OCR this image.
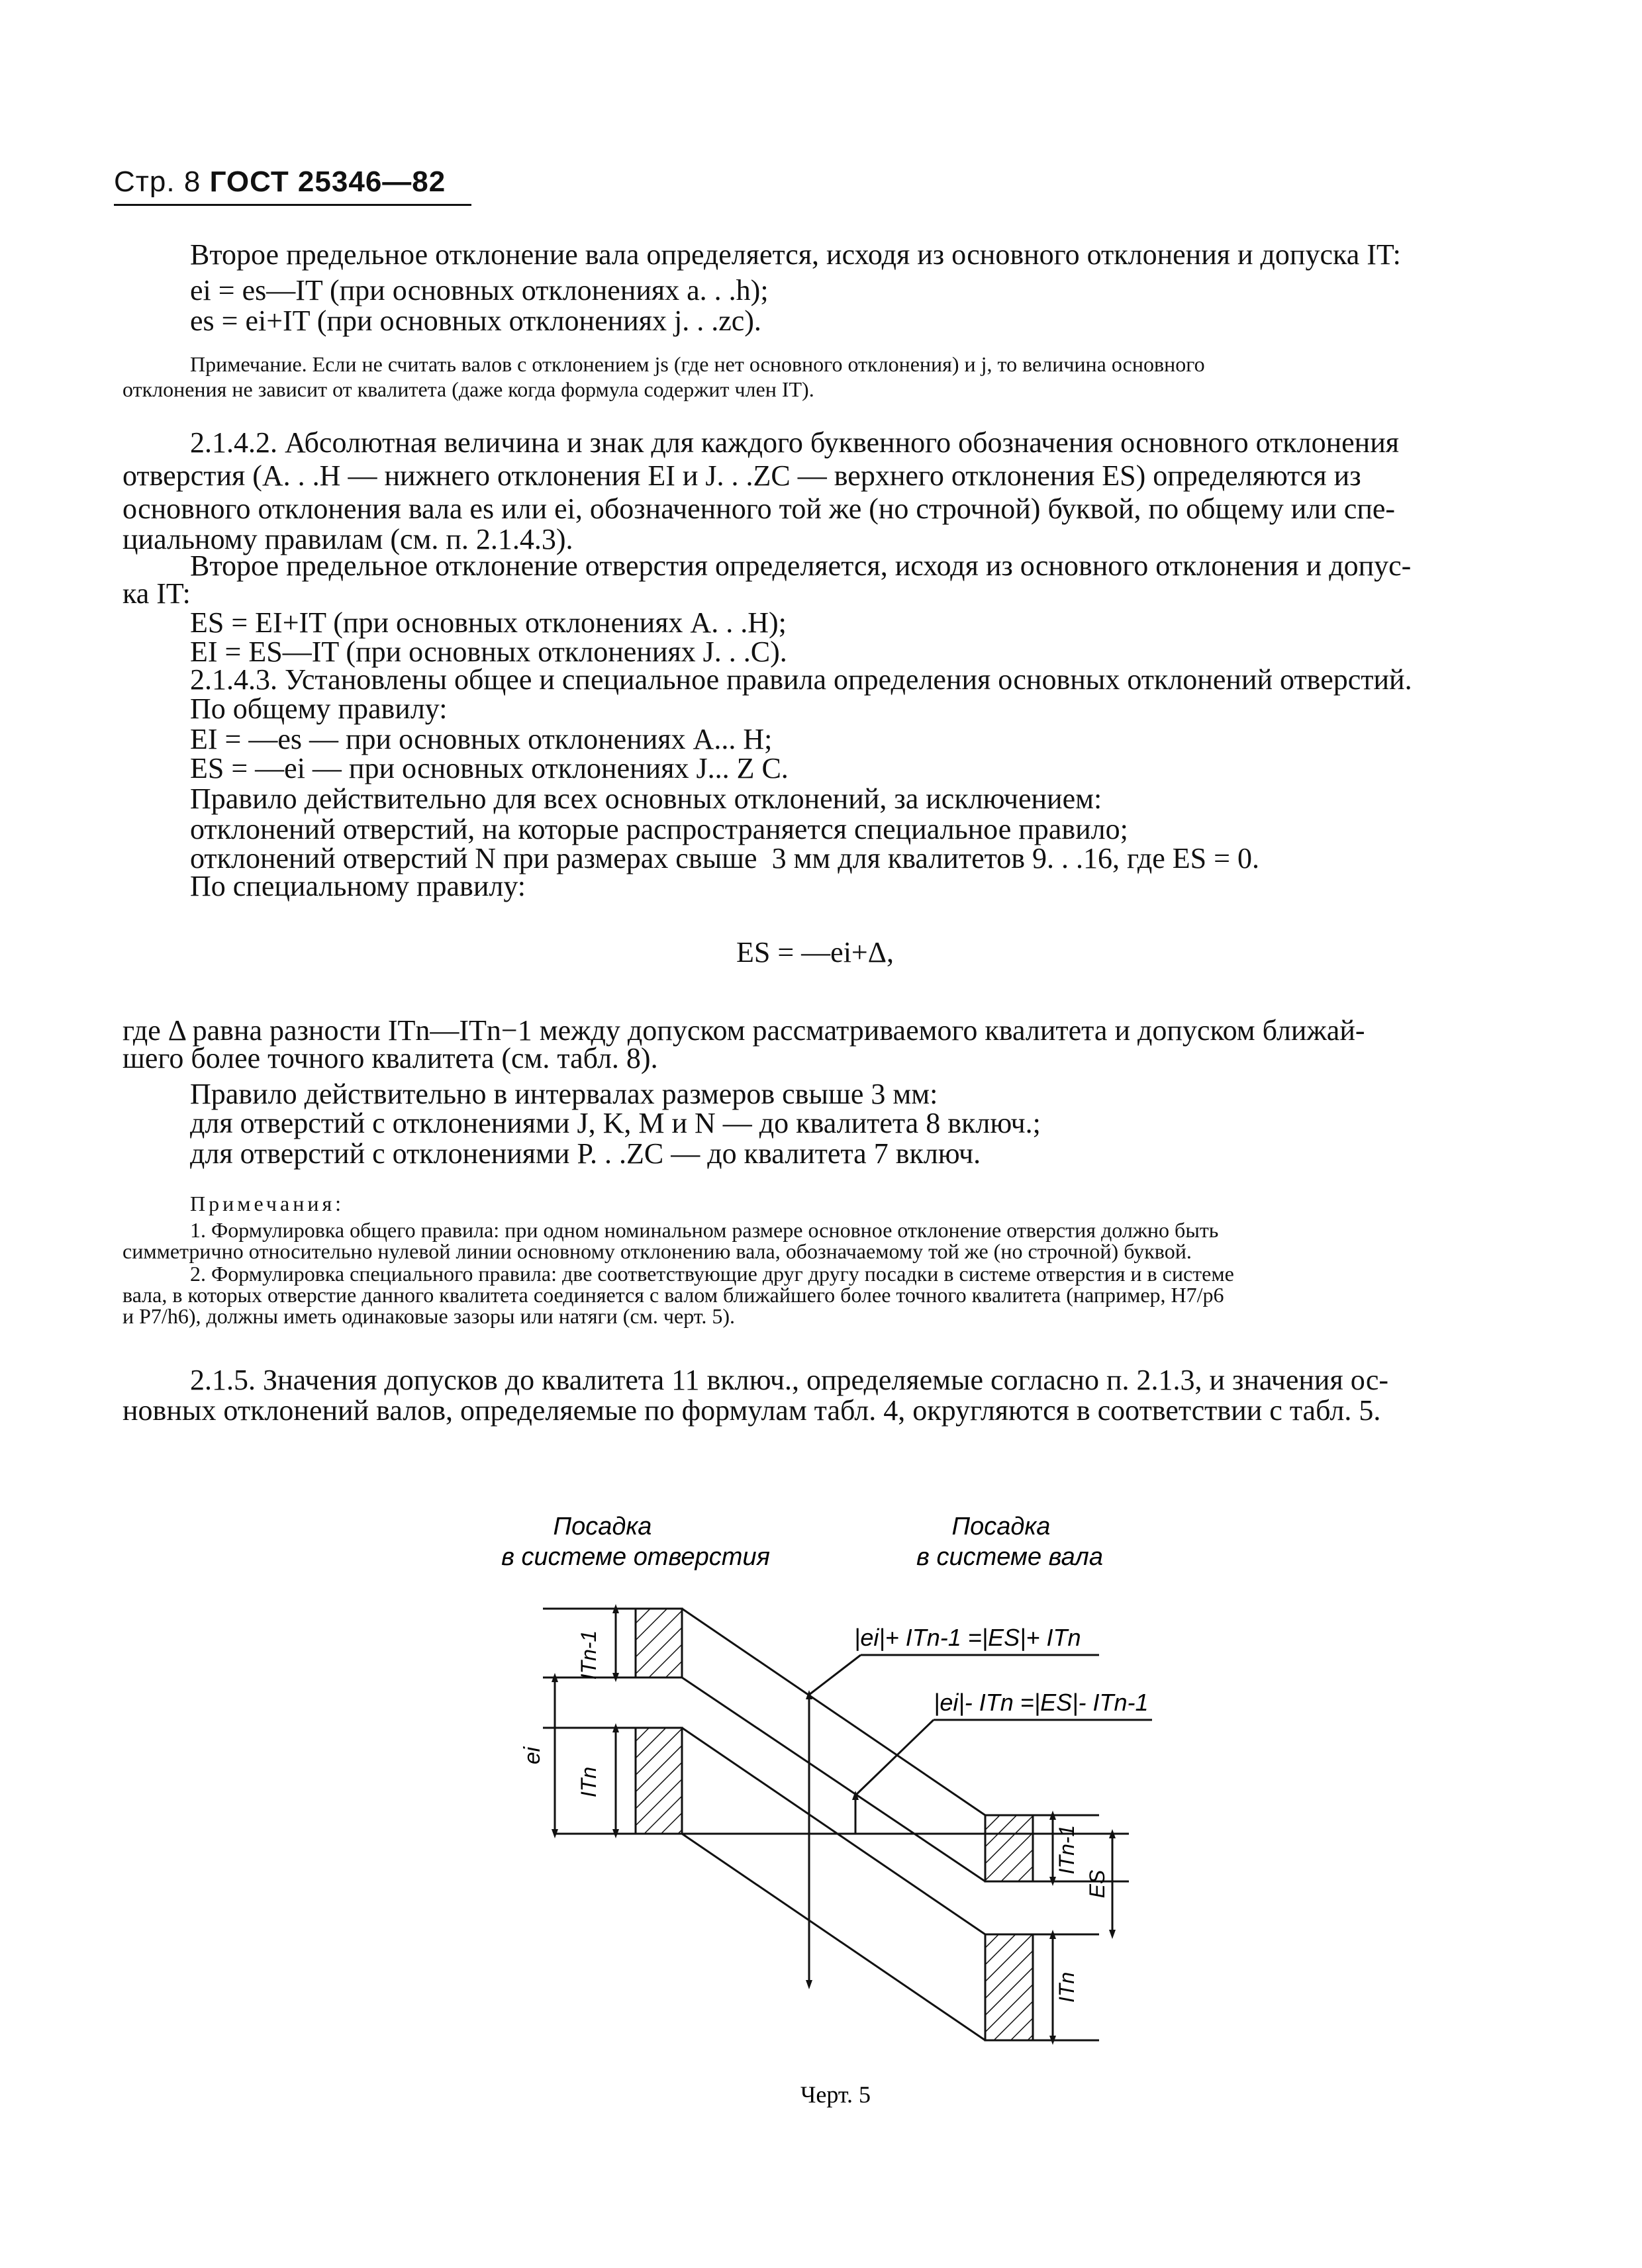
Стр. 8 ГОСТ 25346—82
Второе предельное отклонение вала определяется, исходя из основного отклонения и допуска IT:
ei = es—IT (при основных отклонениях a. . .h);
es = ei+IT (при основных отклонениях j. . .zc).
Примечание. Если не считать валов с отклонением js (где нет основного отклонения) и j, то величина основного
отклонения не зависит от квалитета (даже когда формула содержит член IT).
2.1.4.2. Абсолютная величина и знак для каждого буквенного обозначения основного отклонения
отверстия (A. . .H — нижнего отклонения EI и J. . .ZC — верхнего отклонения ES) определяются из
основного отклонения вала es или ei, обозначенного той же (но строчной) буквой, по общему или спе-
циальному правилам (см. п. 2.1.4.3).
Второе предельное отклонение отверстия определяется, исходя из основного отклонения и допус-
ка IT:
ES = EI+IT (при основных отклонениях A. . .H);
EI = ES—IT (при основных отклонениях J. . .C).
2.1.4.3. Установлены общее и специальное правила определения основных отклонений отверстий.
По общему правилу:
EI = —es — при основных отклонениях A... H;
ES = —ei — при основных отклонениях J... Z C.
Правило действительно для всех основных отклонений, за исключением:
отклонений отверстий, на которые распространяется специальное правило;
отклонений отверстий N при размерах свыше  3 мм для квалитетов 9. . .16, где ES = 0.
По специальному правилу:
ES = —ei+Δ,
где Δ равна разности ITn—ITn−1 между допуском рассматриваемого квалитета и допуском ближай-
шего более точного квалитета (см. табл. 8).
Правило действительно в интервалах размеров свыше 3 мм:
для отверстий с отклонениями J, K, M и N — до квалитета 8 включ.;
для отверстий с отклонениями P. . .ZC — до квалитета 7 включ.
Примечания:
1. Формулировка общего правила: при одном номинальном размере основное отклонение отверстия должно быть
симметрично относительно нулевой линии основному отклонению вала, обозначаемому той же (но строчной) буквой.
2. Формулировка специального правила: две соответствующие друг другу посадки в системе отверстия и в системе
вала, в которых отверстие данного квалитета соединяется с валом ближайшего более точного квалитета (например, H7/p6
и P7/h6), должны иметь одинаковые зазоры или натяги (см. черт. 5).
2.1.5. Значения допусков до квалитета 11 включ., определяемые согласно п. 2.1.3, и значения ос-
новных отклонений валов, определяемые по формулам табл. 4, округляются в соответствии с табл. 5.
Посадка
в системе отверстия
Посадка
в системе вала
|ei|+ ITn-1 =|ES|+ ITn
|ei|- ITn =|ES|- ITn-1
ITn-1
ei
ITn
ITn-1
ES
ITn
Черт. 5
